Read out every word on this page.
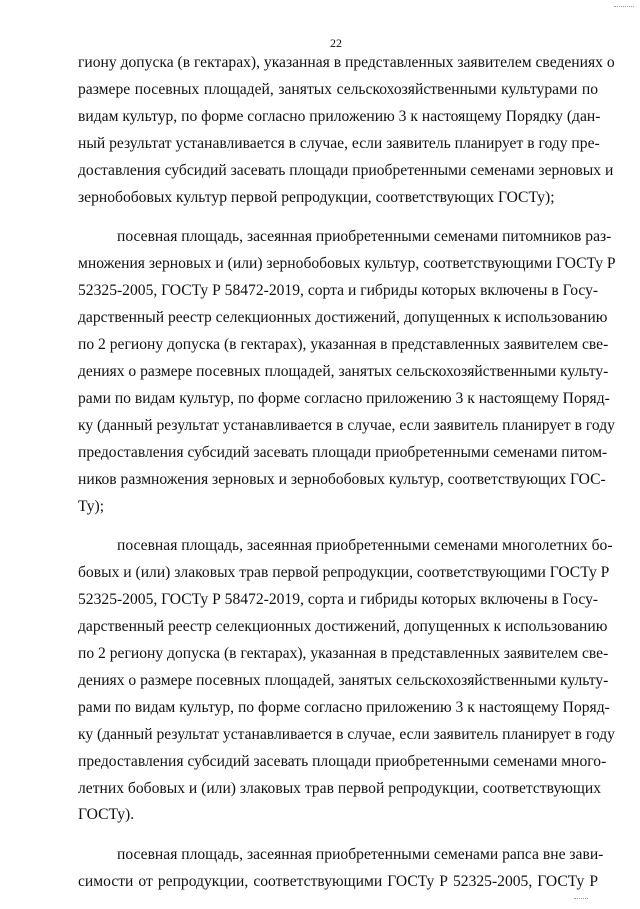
22
гиону допуска (в гектарах), указанная в представленных заявителем сведениях о
размере посевных площадей, занятых сельскохозяйственными культурами по
видам культур, по форме согласно приложению 3 к настоящему Порядку (дан-
ный результат устанавливается в случае, если заявитель планирует в году пре-
доставления субсидий засевать площади приобретенными семенами зерновых и
зернобобовых культур первой репродукции, соответствующих ГОСТу);
посевная площадь, засеянная приобретенными семенами питомников раз-
множения зерновых и (или) зернобобовых культур, соответствующими ГОСТу Р
52325-2005, ГОСТу Р 58472-2019, сорта и гибриды которых включены в Госу-
дарственный реестр селекционных достижений, допущенных к использованию
по 2 региону допуска (в гектарах), указанная в представленных заявителем све-
дениях о размере посевных площадей, занятых сельскохозяйственными культу-
рами по видам культур, по форме согласно приложению 3 к настоящему Поряд-
ку (данный результат устанавливается в случае, если заявитель планирует в году
предоставления субсидий засевать площади приобретенными семенами питом-
ников размножения зерновых и зернобобовых культур, соответствующих ГОС-
Ту);
посевная площадь, засеянная приобретенными семенами многолетних бо-
бовых и (или) злаковых трав первой репродукции, соответствующими ГОСТу Р
52325-2005, ГОСТу Р 58472-2019, сорта и гибриды которых включены в Госу-
дарственный реестр селекционных достижений, допущенных к использованию
по 2 региону допуска (в гектарах), указанная в представленных заявителем све-
дениях о размере посевных площадей, занятых сельскохозяйственными культу-
рами по видам культур, по форме согласно приложению 3 к настоящему Поряд-
ку (данный результат устанавливается в случае, если заявитель планирует в году
предоставления субсидий засевать площади приобретенными семенами много-
летних бобовых и (или) злаковых трав первой репродукции, соответствующих
ГОСТу).
посевная площадь, засеянная приобретенными семенами рапса вне зави-
симости от репродукции, соответствующими ГОСТу Р 52325-2005, ГОСТу Р
